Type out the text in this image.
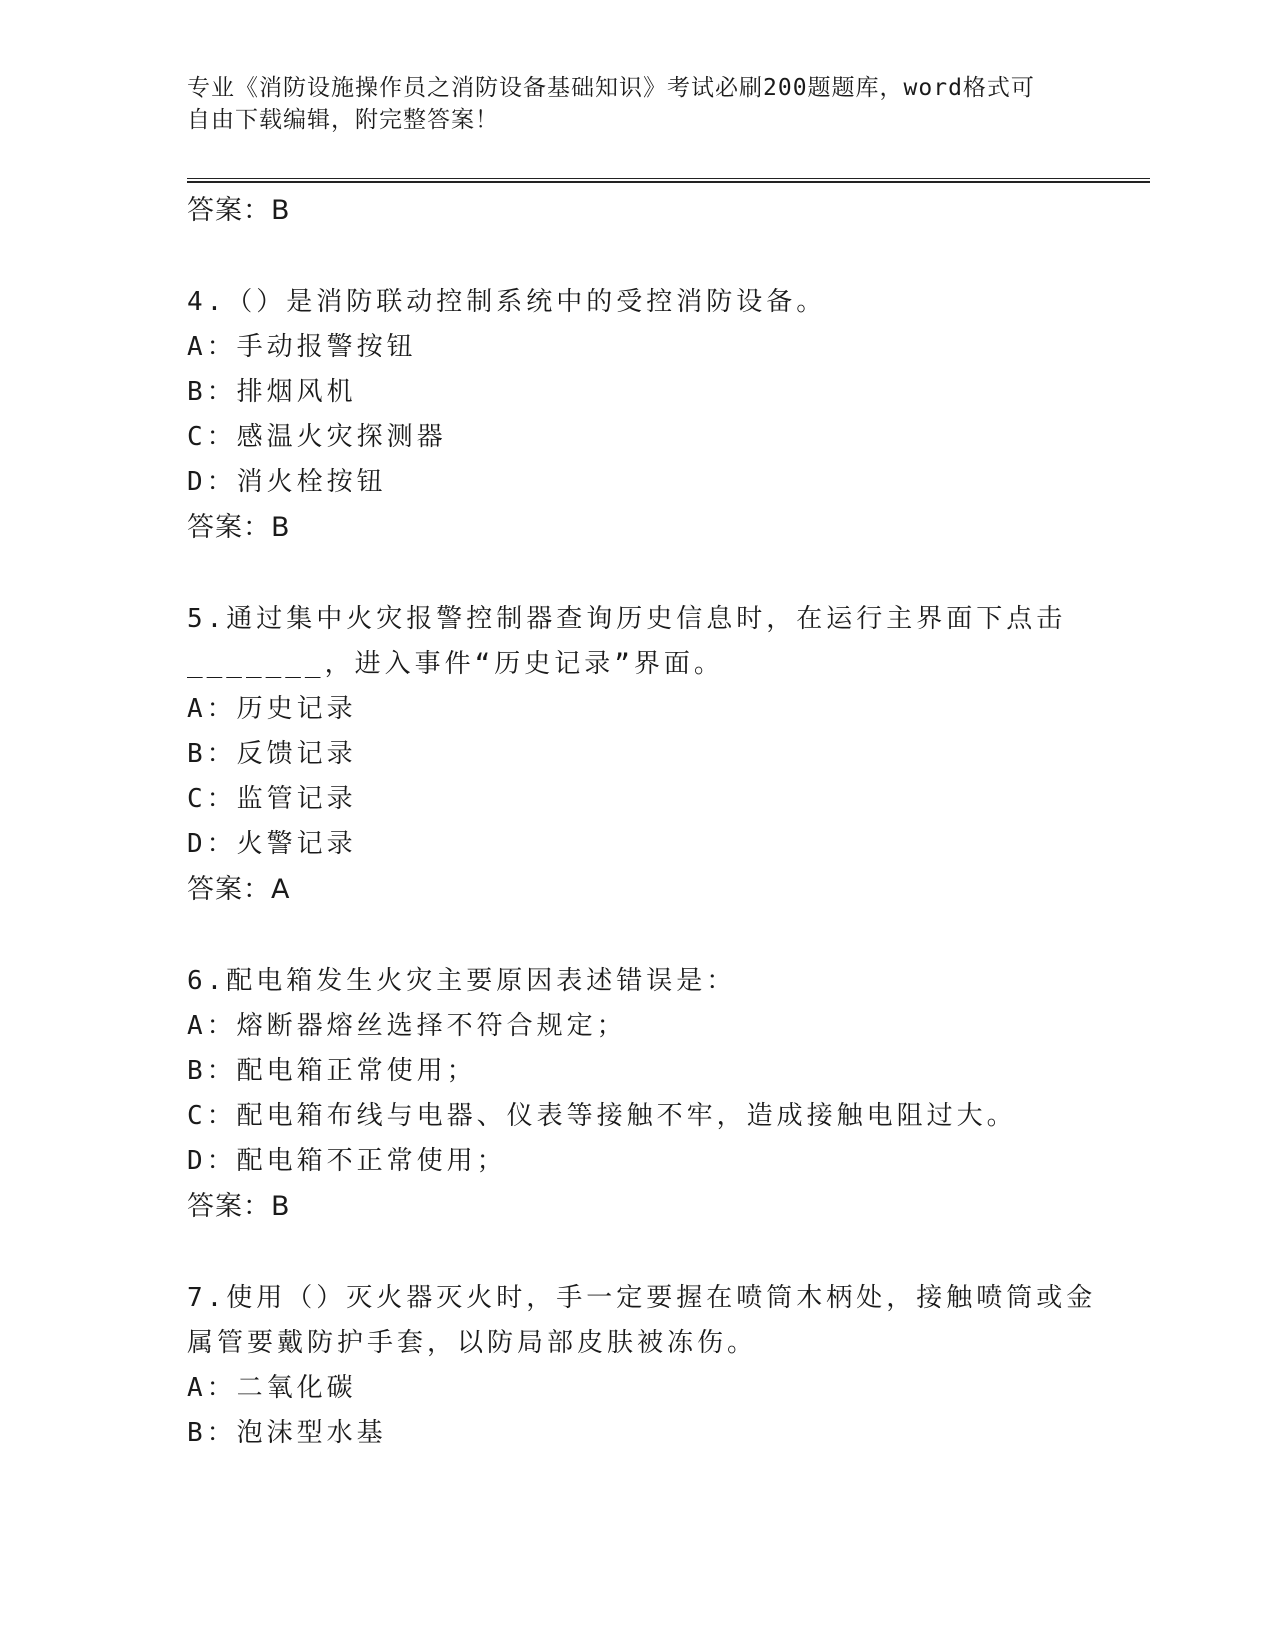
专业《消防设施操作员之消防设备基础知识》考试必刷200题题库，word格式可
自由下载编辑，附完整答案！
答案：B
4.（）是消防联动控制系统中的受控消防设备。
A：手动报警按钮
B：排烟风机
C：感温火灾探测器
D：消火栓按钮
答案：B
5.通过集中火灾报警控制器查询历史信息时，在运行主界面下点击
_______，进入事件“历史记录”界面。
A：历史记录
B：反馈记录
C：监管记录
D：火警记录
答案：A
6.配电箱发生火灾主要原因表述错误是：
A：熔断器熔丝选择不符合规定；
B：配电箱正常使用；
C：配电箱布线与电器、仪表等接触不牢，造成接触电阻过大。
D：配电箱不正常使用；
答案：B
7.使用（）灭火器灭火时，手一定要握在喷筒木柄处，接触喷筒或金
属管要戴防护手套，以防局部皮肤被冻伤。
A：二氧化碳
B：泡沫型水基
